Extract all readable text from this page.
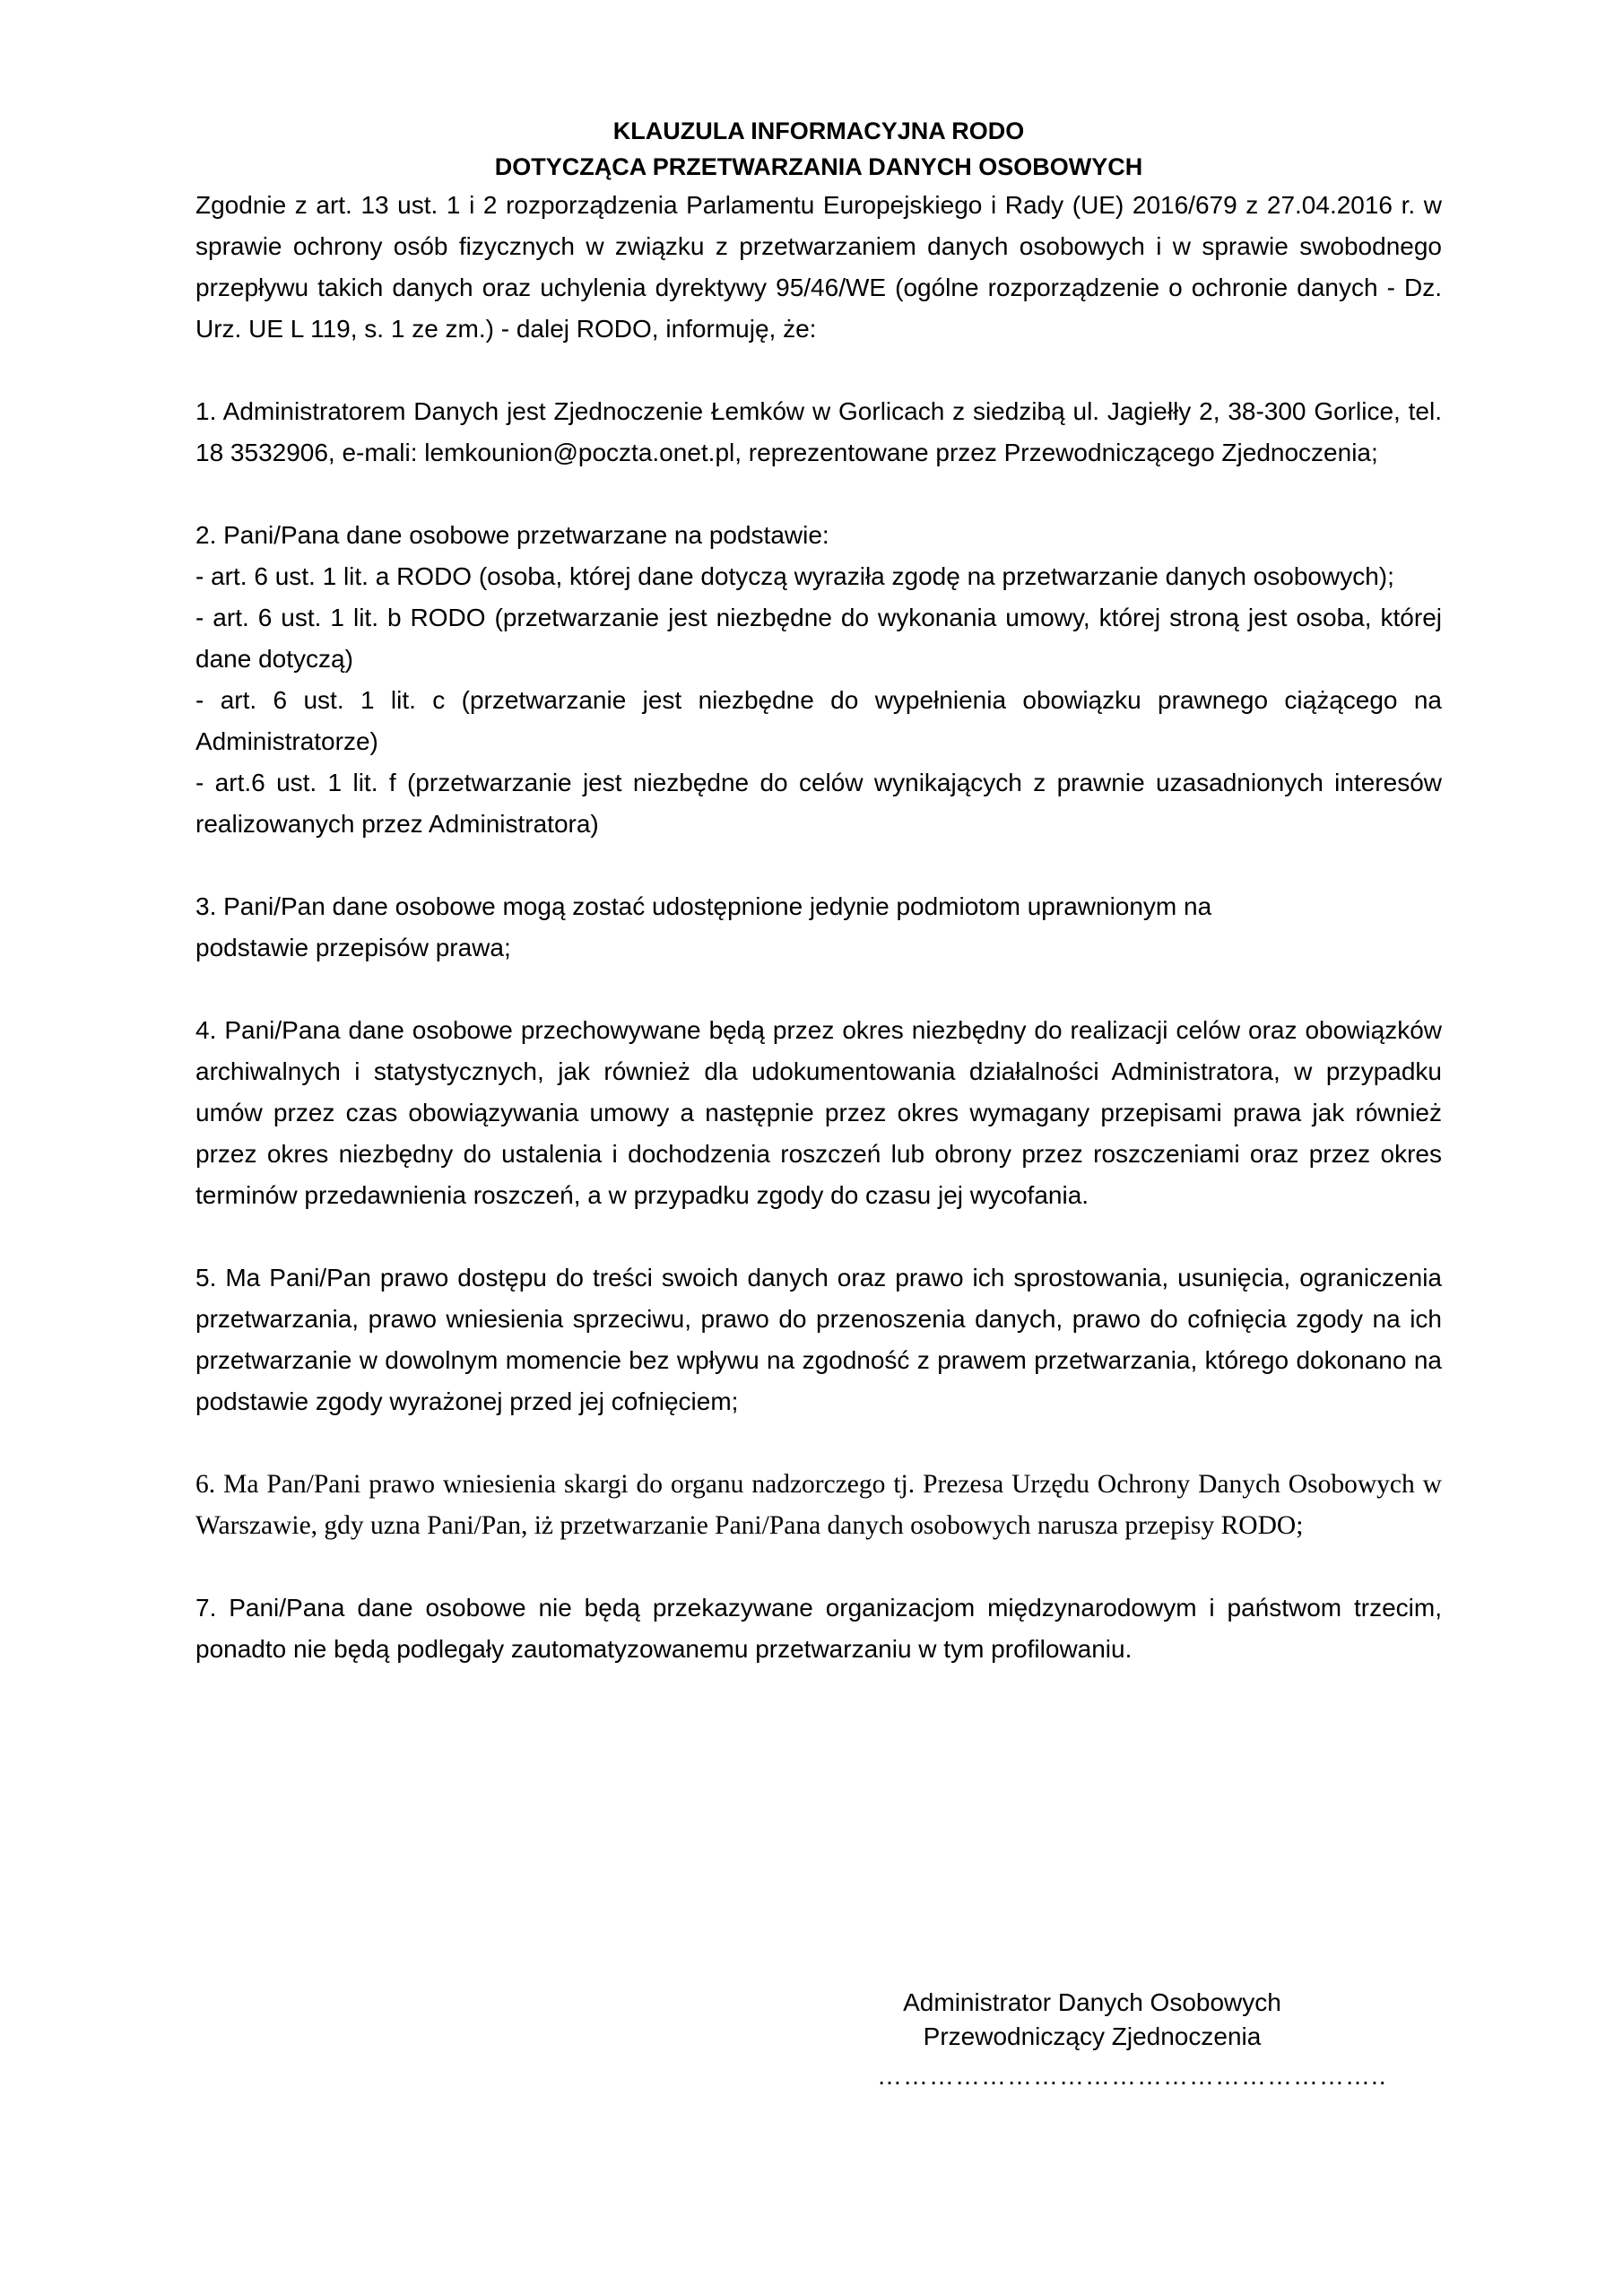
KLAUZULA INFORMACYJNA RODO
DOTYCZĄCA PRZETWARZANIA DANYCH OSOBOWYCH

Zgodnie z art. 13 ust. 1 i 2 rozporządzenia Parlamentu Europejskiego i Rady (UE) 2016/679 z 27.04.2016 r. w sprawie ochrony osób fizycznych w związku z przetwarzaniem danych osobowych i w sprawie swobodnego przepływu takich danych oraz uchylenia dyrektywy 95/46/WE (ogólne rozporządzenie o ochronie danych - Dz. Urz. UE L 119, s. 1 ze zm.) - dalej RODO, informuję, że:

1. Administratorem Danych jest Zjednoczenie Łemków w Gorlicach z siedzibą ul. Jagiełły 2, 38-300 Gorlice, tel. 18 3532906, e-mali: lemkounion@poczta.onet.pl, reprezentowane przez Przewodniczącego Zjednoczenia;

2. Pani/Pana dane osobowe przetwarzane na podstawie:

- art. 6 ust. 1 lit. a RODO (osoba, której dane dotyczą wyraziła zgodę na przetwarzanie danych osobowych);

- art. 6 ust. 1 lit. b RODO (przetwarzanie jest niezbędne do wykonania umowy, której stroną jest osoba, której dane dotyczą)

- art. 6 ust. 1 lit. c (przetwarzanie jest niezbędne do wypełnienia obowiązku prawnego ciążącego na Administratorze)

- art.6 ust. 1 lit. f (przetwarzanie jest niezbędne do celów wynikających z prawnie uzasadnionych interesów realizowanych przez Administratora)

3. Pani/Pan dane osobowe mogą zostać udostępnione jedynie podmiotom uprawnionym na podstawie przepisów prawa;

4. Pani/Pana dane osobowe przechowywane będą przez okres niezbędny do realizacji celów oraz obowiązków archiwalnych i statystycznych, jak również dla udokumentowania działalności Administratora, w przypadku umów przez czas obowiązywania umowy a następnie przez okres wymagany przepisami prawa jak również przez okres niezbędny do ustalenia i dochodzenia roszczeń lub obrony przez roszczeniami oraz przez okres terminów przedawnienia roszczeń, a w przypadku zgody do czasu jej wycofania.

5. Ma Pani/Pan prawo dostępu do treści swoich danych oraz prawo ich sprostowania, usunięcia, ograniczenia przetwarzania, prawo wniesienia sprzeciwu, prawo do przenoszenia danych, prawo do cofnięcia zgody na ich przetwarzanie w dowolnym momencie bez wpływu na zgodność z prawem przetwarzania, którego dokonano na podstawie zgody wyrażonej przed jej cofnięciem;

6. Ma Pan/Pani prawo wniesienia skargi do organu nadzorczego tj. Prezesa Urzędu Ochrony Danych Osobowych w Warszawie, gdy uzna Pani/Pan, iż przetwarzanie Pani/Pana danych osobowych narusza przepisy RODO;

7. Pani/Pana dane osobowe nie będą przekazywane organizacjom międzynarodowym i państwom trzecim, ponadto nie będą podlegały zautomatyzowanemu przetwarzaniu w tym profilowaniu.

Administrator Danych Osobowych
Przewodniczący Zjednoczenia
…………………………………………………..
